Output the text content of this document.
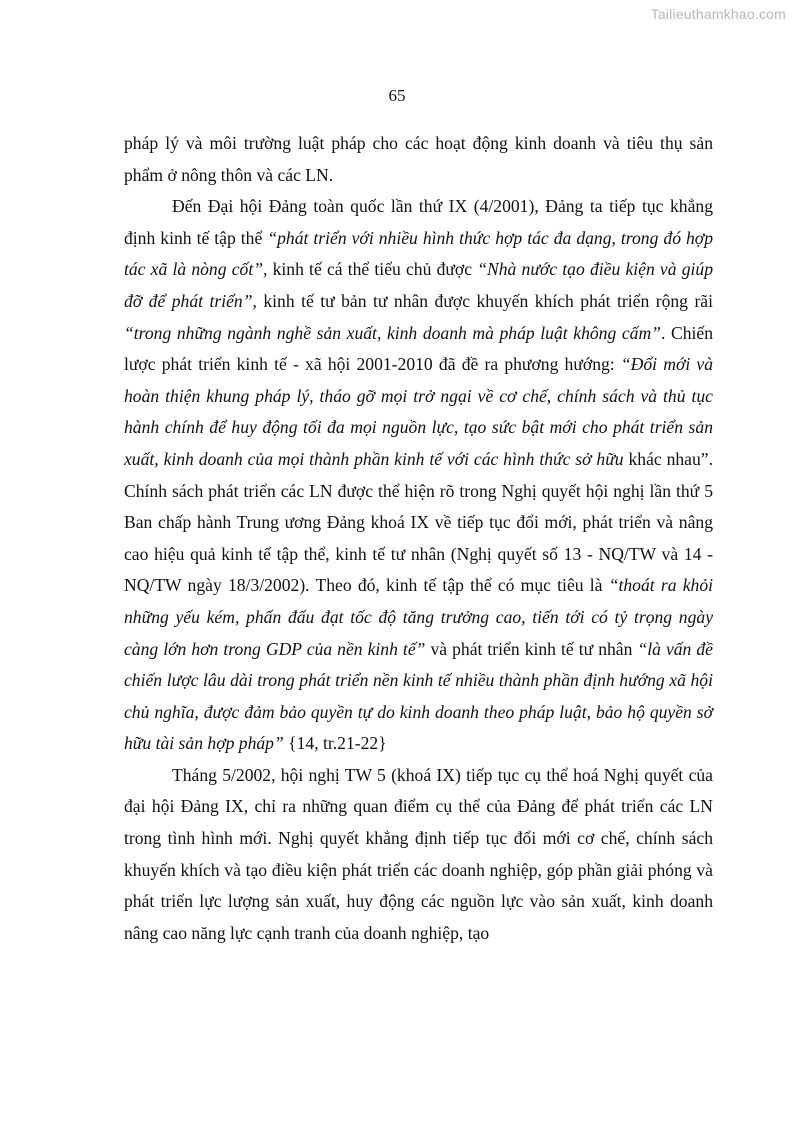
Tailieuthamkhao.com
65

pháp lý và môi trường luật pháp cho các hoạt động kinh doanh và tiêu thụ sản phẩm ở nông thôn và các LN.

Đến Đại hội Đảng toàn quốc lần thứ IX (4/2001), Đảng ta tiếp tục khẳng định kinh tế tập thể “phát triển với nhiều hình thức hợp tác đa dạng, trong đó hợp tác xã là nòng cốt”, kinh tế cá thể tiểu chủ được “Nhà nước tạo điều kiện và giúp đỡ để phát triển”, kinh tế tư bản tư nhân được khuyến khích phát triển rộng rãi “trong những ngành nghề sản xuất, kinh doanh mà pháp luật không cấm”. Chiến lược phát triển kinh tế - xã hội 2001-2010 đã đề ra phương hướng: “Đổi mới và hoàn thiện khung pháp lý, tháo gỡ mọi trở ngại về cơ chế, chính sách và thủ tục hành chính để huy động tối đa mọi nguồn lực, tạo sức bật mới cho phát triển sản xuất, kinh doanh của mọi thành phần kinh tế với các hình thức sở hữu khác nhau”. Chính sách phát triển các LN được thể hiện rõ trong Nghị quyết hội nghị lần thứ 5 Ban chấp hành Trung ương Đảng khoá IX về tiếp tục đổi mới, phát triển và nâng cao hiệu quả kinh tế tập thể, kinh tế tư nhân (Nghị quyết số 13 - NQ/TW và 14 - NQ/TW ngày 18/3/2002). Theo đó, kinh tế tập thể có mục tiêu là “thoát ra khỏi những yếu kém, phấn đấu đạt tốc độ tăng trưởng cao, tiến tới có tỷ trọng ngày càng lớn hơn trong GDP của nền kinh tế” và phát triển kinh tế tư nhân “là vấn đề chiến lược lâu dài trong phát triển nền kinh tế nhiều thành phần định hướng xã hội chủ nghĩa, được đảm bảo quyền tự do kinh doanh theo pháp luật, bảo hộ quyền sở hữu tài sản hợp pháp” {14, tr.21-22}

Tháng 5/2002, hội nghị TW 5 (khoá IX) tiếp tục cụ thể hoá Nghị quyết của đại hội Đảng IX, chỉ ra những quan điểm cụ thể của Đảng để phát triển các LN trong tình hình mới. Nghị quyết khẳng định tiếp tục đổi mới cơ chế, chính sách khuyến khích và tạo điều kiện phát triển các doanh nghiệp, góp phần giải phóng và phát triển lực lượng sản xuất, huy động các nguồn lực vào sản xuất, kinh doanh nâng cao năng lực cạnh tranh của doanh nghiệp, tạo
